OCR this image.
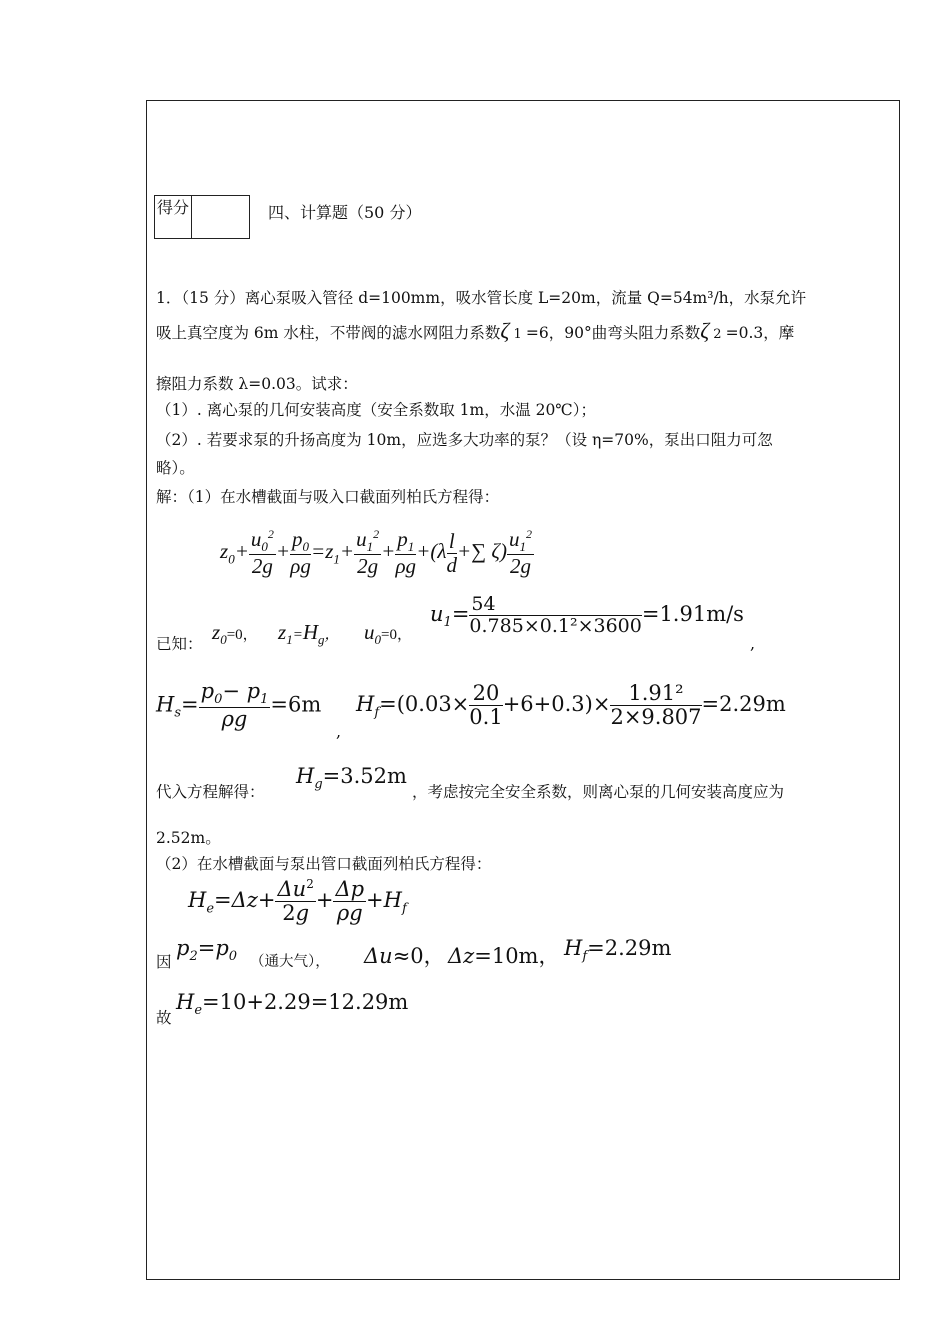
得分	四、计算题（50 分）
1．（15 分）离心泵吸入管径 d=100mm，吸水管长度 L=20m，流量 Q=54m³/h，水泵允许
吸上真空度为 6m 水柱，不带阀的滤水网阻力系数ζ 1 =6，90°曲弯头阻力系数ζ 2 =0.3，摩
擦阻力系数 λ=0.03。试求：
（1）. 离心泵的几何安装高度（安全系数取 1m，水温 20℃）；
（2）. 若要求泵的升扬高度为 10m，应选多大功率的泵？（设 η=70%，泵出口阻力可忽
略）。
解：（1）在水槽截面与吸入口截面列柏氏方程得：
$z_0+ \frac{u_0^2}{2g} + \frac{p_0}{\rho g} =z_1+ \frac{u_1^2}{2g} + \frac{p_1}{\rho g} +(\lambda \frac{l}{d}$ +∑ $\zeta) \frac{u_1^2}{2g}$
已知： $z_0=0$， $z_1=H_g$， $u_0=0$，
$u_1= \frac{54}{\text{0.785×0.1²×3600}} =1.91m/s$
,
$H_s= \frac{p_0- p_1}{\rho g} =6m$
,
$H_f=(0.03\times \frac{20}{0.1} +6+0.3)\times \frac{\text{1.91²}}{2\times 9.807} =2.29m$
代入方程解得：
$H_g=3.52m$
，考虑按完全安全系数，则离心泵的几何安装高度应为
2.52m。
（2）在水槽截面与泵出管口截面列柏氏方程得：
$H_e=\Delta z+ \frac{\Delta u^2}{2g} + \frac{\Delta p}{\rho g} +H_f$
因
$p_2=p_0$ （通大气）， Δu≈0， Δz=10m， $H_f=2.29m$
故
$H_e=10+2.29=12.29m$
